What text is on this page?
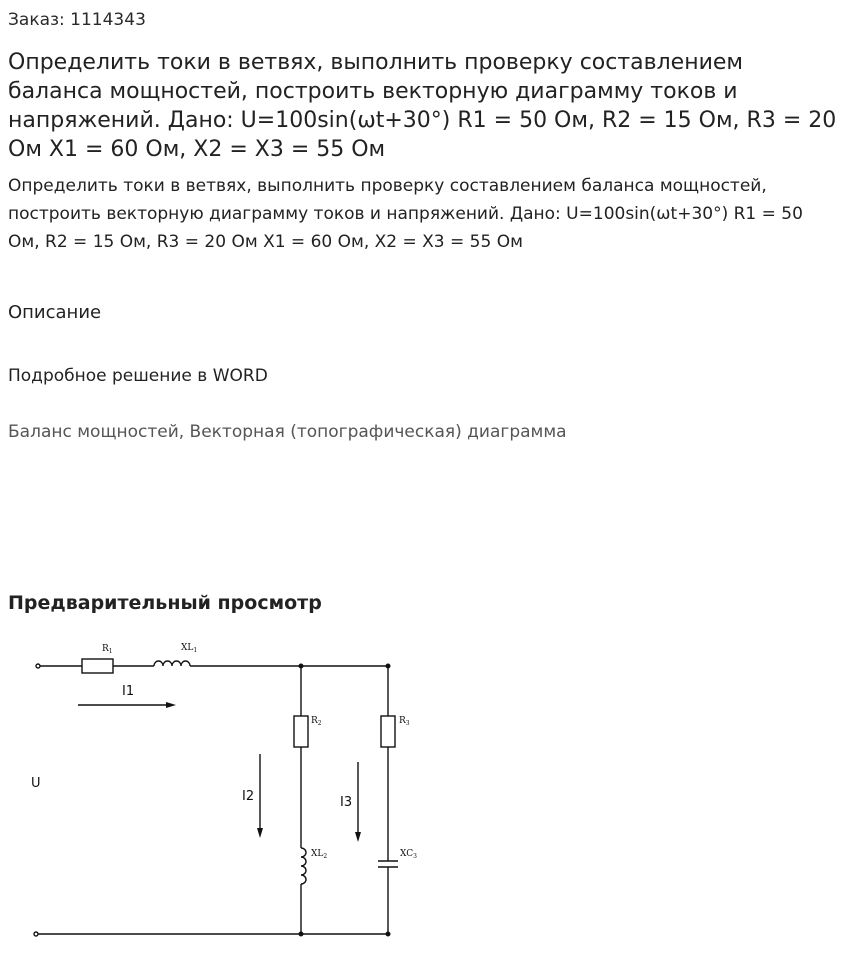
Заказ: 1114343
Определить токи в ветвях, выполнить проверку составлением баланса мощностей, построить векторную диаграмму токов и напряжений. Дано: U=100sin(ωt+30°) R1 = 50 Ом, R2 = 15 Ом, R3 = 20 Ом X1 = 60 Ом, X2 = X3 = 55 Ом

Определить токи в ветвях, выполнить проверку составлением баланса мощностей, построить векторную диаграмму токов и напряжений. Дано: U=100sin(ωt+30°) R1 = 50 Ом, R2 = 15 Ом, R3 = 20 Ом X1 = 60 Ом, X2 = X3 = 55 Ом

Описание
Подробное решение в WORD
Баланс мощностей, Векторная (топографическая) диаграмма
Предварительный просмотр
$R_1$	$XL_1$
$R_2$	$R_3$
$XL_2$	$XC_3$
I1
I2	I3
U
